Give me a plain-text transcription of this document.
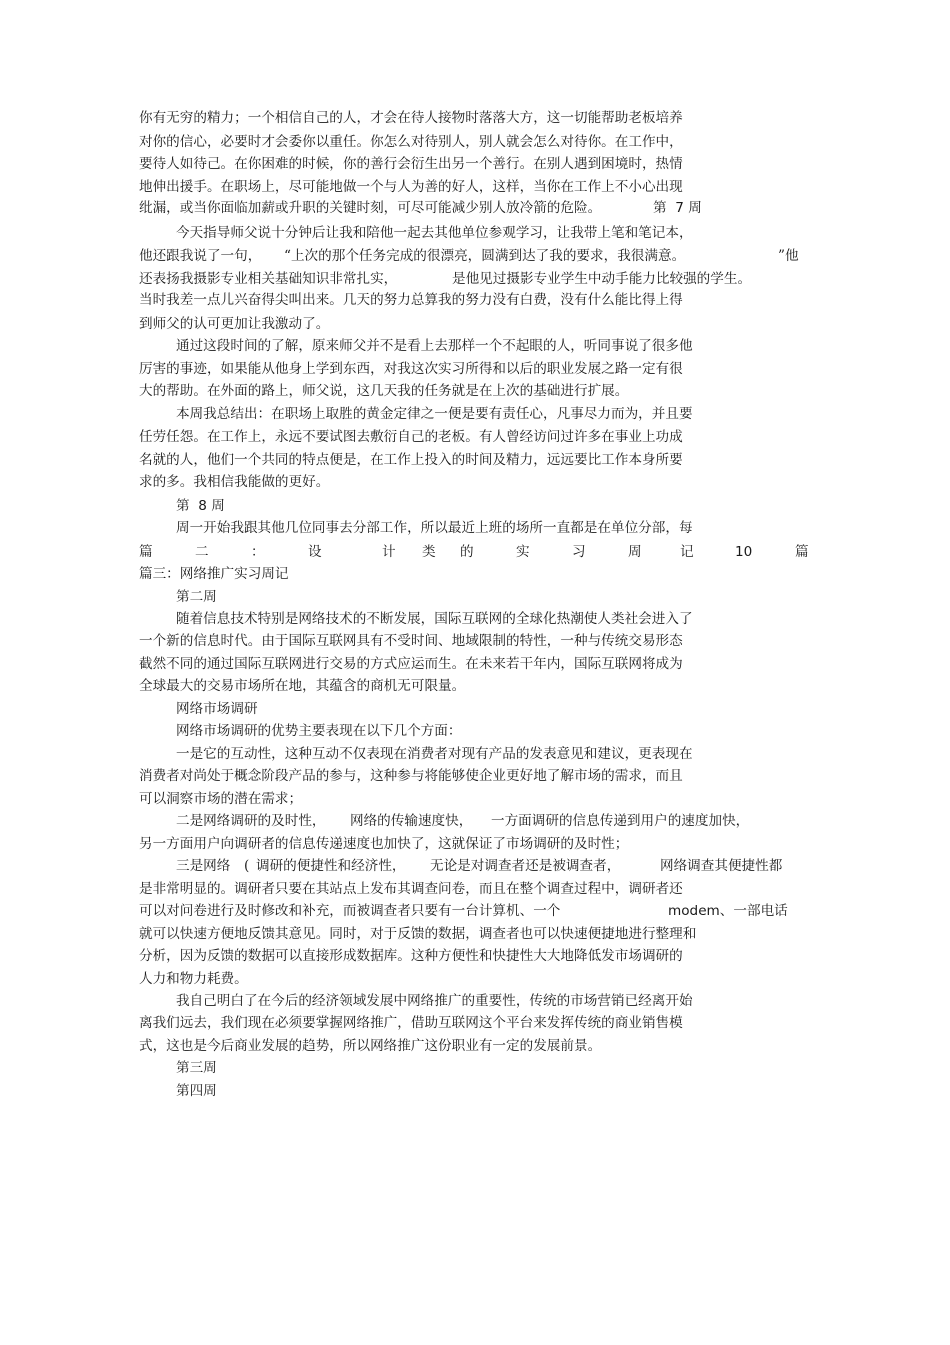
你有无穷的精力；一个相信自己的人，才会在待人接物时落落大方，这一切能帮助老板培养
对你的信心，必要时才会委你以重任。你怎么对待别人，别人就会怎么对待你。在工作中，
要待人如待己。在你困难的时候，你的善行会衍生出另一个善行。在别人遇到困境时，热情
地伸出援手。在职场上，尽可能地做一个与人为善的好人，这样，当你在工作上不小心出现
纰漏，或当你面临加薪或升职的关键时刻，可尽可能减少别人放冷箭的危险。	第  7 周
今天指导师父说十分钟后让我和陪他一起去其他单位参观学习，让我带上笔和笔记本，
他还跟我说了一句， “上次的那个任务完成的很漂亮，圆满到达了我的要求，我很满意。	”他
还表扬我摄影专业相关基础知识非常扎实，	是他见过摄影专业学生中动手能力比较强的学生。
当时我差一点儿兴奋得尖叫出来。几天的努力总算我的努力没有白费，没有什么能比得上得
到师父的认可更加让我激动了。
通过这段时间的了解，原来师父并不是看上去那样一个不起眼的人，听同事说了很多他
厉害的事迹，如果能从他身上学到东西，对我这次实习所得和以后的职业发展之路一定有很
大的帮助。在外面的路上，师父说，这几天我的任务就是在上次的基础进行扩展。
本周我总结出：在职场上取胜的黄金定律之一便是要有责任心，凡事尽力而为，并且要
任劳任怨。在工作上，永远不要试图去敷衍自己的老板。有人曾经访问过许多在事业上功成
名就的人，他们一个共同的特点便是，在工作上投入的时间及精力，远远要比工作本身所要
求的多。我相信我能做的更好。
第  8 周
周一开始我跟其他几位同事去分部工作，所以最近上班的场所一直都是在单位分部，每
篇三：网络推广实习周记
第二周
随着信息技术特别是网络技术的不断发展，国际互联网的全球化热潮使人类社会进入了
一个新的信息时代。由于国际互联网具有不受时间、地域限制的特性，一种与传统交易形态
截然不同的通过国际互联网进行交易的方式应运而生。在未来若干年内，国际互联网将成为
全球最大的交易市场所在地，其蕴含的商机无可限量。
网络市场调研
网络市场调研的优势主要表现在以下几个方面：
一是它的互动性，这种互动不仅表现在消费者对现有产品的发表意见和建议，更表现在
消费者对尚处于概念阶段产品的参与，这种参与将能够使企业更好地了解市场的需求，而且
可以洞察市场的潜在需求；
二是网络调研的及时性， 网络的传输速度快， 一方面调研的信息传递到用户的速度加快，
另一方面用户向调研者的信息传递速度也加快了，这就保证了市场调研的及时性；
三是网络 ( 调研的便捷性和经济性， 无论是对调查者还是被调查者，	网络调查其便捷性都
是非常明显的。调研者只要在其站点上发布其调查问卷，而且在整个调查过程中，调研者还
可以对问卷进行及时修改和补充，而被调查者只要有一台计算机、一个	modem、一部电话
就可以快速方便地反馈其意见。同时，对于反馈的数据，调查者也可以快速便捷地进行整理和
分析，因为反馈的数据可以直接形成数据库。这种方便性和快捷性大大地降低发市场调研的
人力和物力耗费。
我自己明白了在今后的经济领域发展中网络推广的重要性，传统的市场营销已经离开始
离我们远去，我们现在必须要掌握网络推广，借助互联网这个平台来发挥传统的商业销售模
式，这也是今后商业发展的趋势，所以网络推广这份职业有一定的发展前景。
第三周
第四周
篇	二	：	设	计 类 的	实	习	周	记	10	篇
